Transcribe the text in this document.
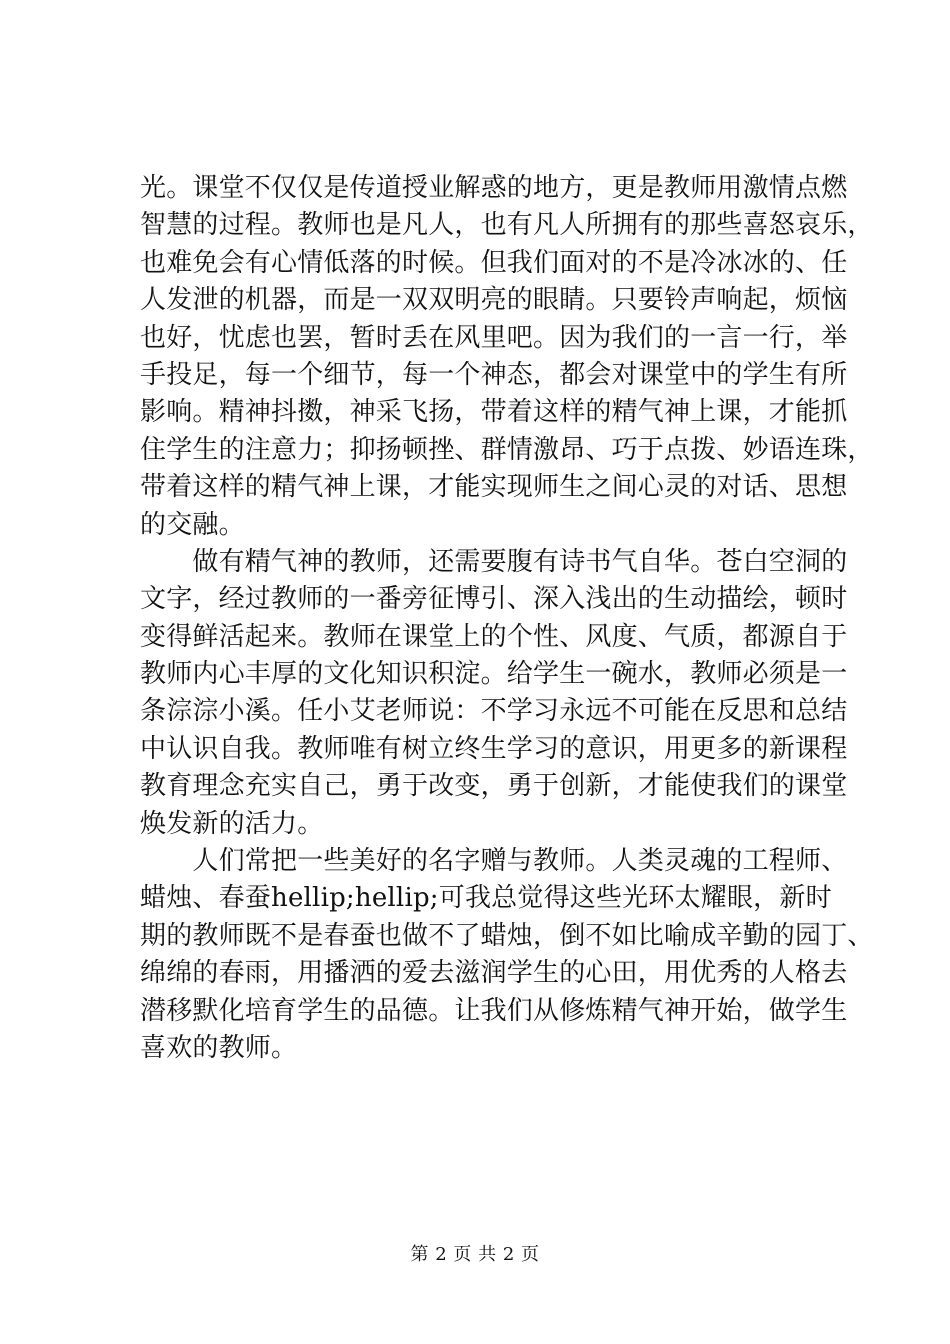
光。课堂不仅仅是传道授业解惑的地方，更是教师用激情点燃
智慧的过程。教师也是凡人，也有凡人所拥有的那些喜怒哀乐，
也难免会有心情低落的时候。但我们面对的不是冷冰冰的、任
人发泄的机器，而是一双双明亮的眼睛。只要铃声响起，烦恼
也好，忧虑也罢，暂时丢在风里吧。因为我们的一言一行，举
手投足，每一个细节，每一个神态，都会对课堂中的学生有所
影响。精神抖擞，神采飞扬，带着这样的精气神上课，才能抓
住学生的注意力；抑扬顿挫、群情激昂、巧于点拨、妙语连珠，
带着这样的精气神上课，才能实现师生之间心灵的对话、思想
的交融。
　　做有精气神的教师，还需要腹有诗书气自华。苍白空洞的
文字，经过教师的一番旁征博引、深入浅出的生动描绘，顿时
变得鲜活起来。教师在课堂上的个性、风度、气质，都源自于
教师内心丰厚的文化知识积淀。给学生一碗水，教师必须是一
条淙淙小溪。任小艾老师说：不学习永远不可能在反思和总结
中认识自我。教师唯有树立终生学习的意识，用更多的新课程
教育理念充实自己，勇于改变，勇于创新，才能使我们的课堂
焕发新的活力。
　　人们常把一些美好的名字赠与教师。人类灵魂的工程师、
蜡烛、春蚕hellip;hellip;可我总觉得这些光环太耀眼，新时
期的教师既不是春蚕也做不了蜡烛，倒不如比喻成辛勤的园丁、
绵绵的春雨，用播洒的爱去滋润学生的心田，用优秀的人格去
潜移默化培育学生的品德。让我们从修炼精气神开始，做学生
喜欢的教师。
第 2 页 共 2 页
